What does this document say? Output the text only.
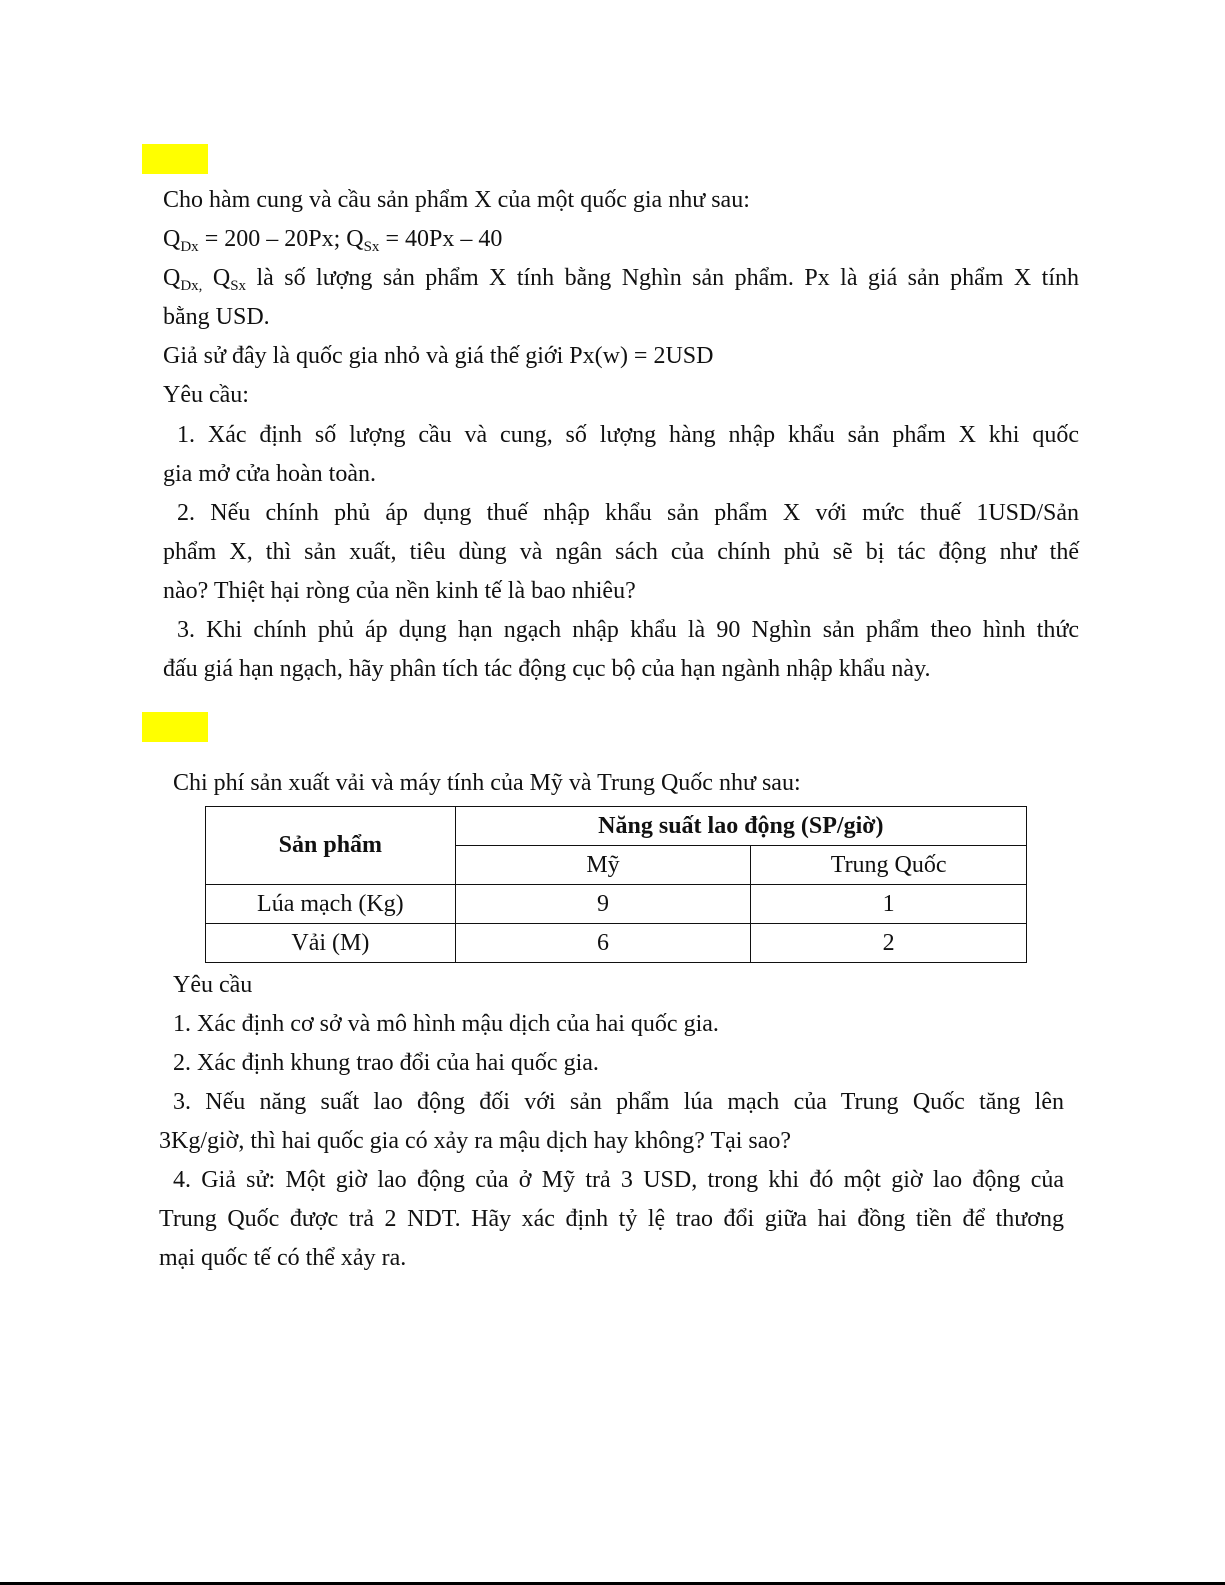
Cho hàm cung và cầu sản phẩm X của một quốc gia như sau:
$Q_{Dx} = 200 - 20Px$; $Q_{Sx} = 40Px - 40$
$Q_{Dx,}$ $Q_{Sx}$ là số lượng sản phẩm X tính bằng Nghìn sản phẩm. Px là giá sản phẩm X tính
bằng USD.
Giả sử đây là quốc gia nhỏ và giá thế giới Px(w) = 2USD
Yêu cầu:
1. Xác định số lượng cầu và cung, số lượng hàng nhập khẩu sản phẩm X khi quốc
gia mở cửa hoàn toàn.
2. Nếu chính phủ áp dụng thuế nhập khẩu sản phẩm X với mức thuế 1USD/Sản
phẩm X, thì sản xuất, tiêu dùng và ngân sách của chính phủ sẽ bị tác động như thế
nào? Thiệt hại ròng của nền kinh tế là bao nhiêu?
3. Khi chính phủ áp dụng hạn ngạch nhập khẩu là 90 Nghìn sản phẩm theo hình thức
đấu giá hạn ngạch, hãy phân tích tác động cục bộ của hạn ngành nhập khẩu này.
Chi phí sản xuất vải và máy tính của Mỹ và Trung Quốc như sau:
Sản phẩm	Năng suất lao động (SP/giờ)	
	Mỹ	Trung Quốc
Lúa mạch (Kg)	9	1
Vải (M)	6	2
Yêu cầu
1. Xác định cơ sở và mô hình mậu dịch của hai quốc gia.
2. Xác định khung trao đổi của hai quốc gia.
3. Nếu năng suất lao động đối với sản phẩm lúa mạch của Trung Quốc tăng lên
3Kg/giờ, thì hai quốc gia có xảy ra mậu dịch hay không? Tại sao?
4. Giả sử: Một giờ lao động của ở Mỹ trả 3 USD, trong khi đó một giờ lao động của
Trung Quốc được trả 2 NDT. Hãy xác định tỷ lệ trao đổi giữa hai đồng tiền để thương
mại quốc tế có thể xảy ra.
